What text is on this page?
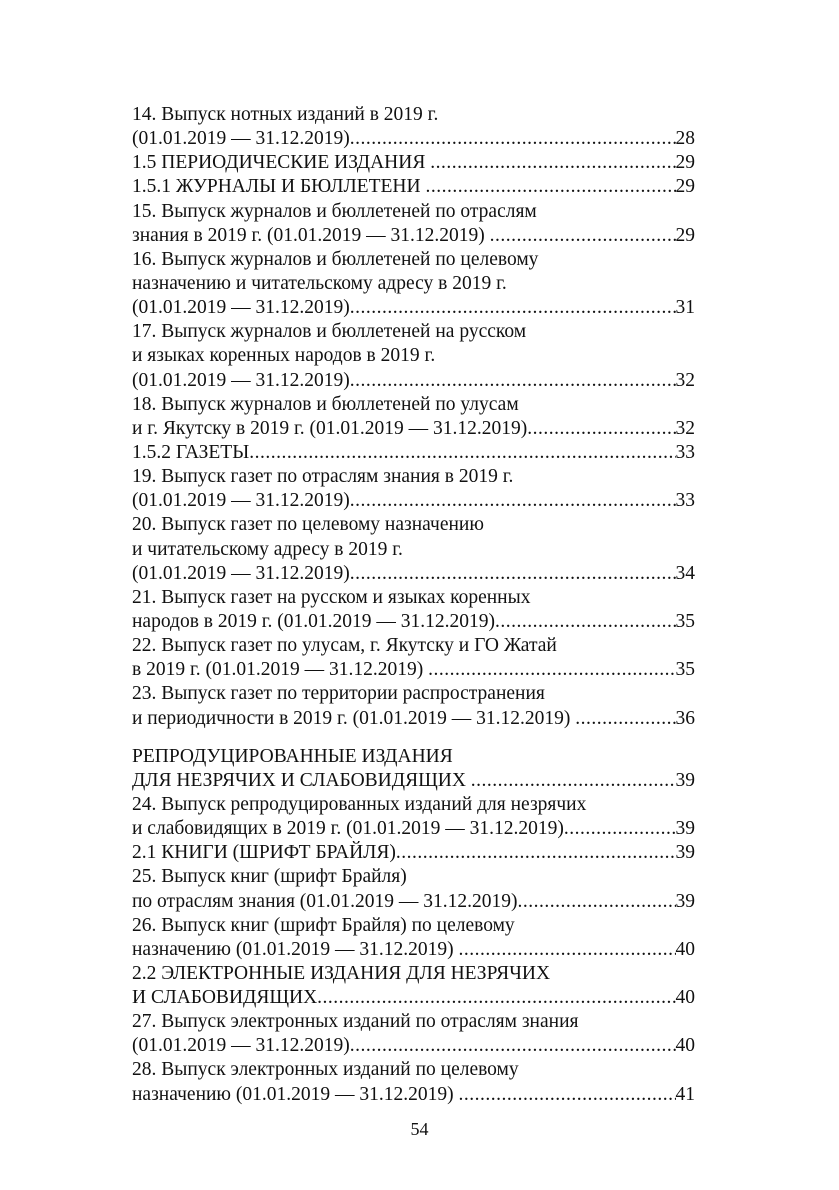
14. Выпуск нотных изданий в 2019 г.
(01.01.2019 — 31.12.2019) .....	28
1.5 ПЕРИОДИЧЕСКИЕ ИЗДАНИЯ .....	29
1.5.1 ЖУРНАЛЫ И БЮЛЛЕТЕНИ .....	29
15. Выпуск журналов и бюллетеней по отраслям
знания в 2019 г. (01.01.2019 — 31.12.2019) .....	29
16. Выпуск журналов и бюллетеней по целевому
назначению и читательскому адресу в 2019 г.
(01.01.2019 — 31.12.2019) .....	31
17. Выпуск журналов и бюллетеней на русском
и языках коренных народов в 2019 г.
(01.01.2019 — 31.12.2019) .....	32
18. Выпуск журналов и бюллетеней по улусам
и г. Якутску в 2019 г. (01.01.2019 — 31.12.2019) .....	32
1.5.2 ГАЗЕТЫ .....	33
19. Выпуск газет по отраслям знания в 2019 г.
(01.01.2019 — 31.12.2019) .....	33
20. Выпуск газет по целевому назначению
и читательскому адресу в 2019 г.
(01.01.2019 — 31.12.2019) .....	34
21. Выпуск газет на русском и языках коренных
народов в 2019 г. (01.01.2019 — 31.12.2019) .....	35
22. Выпуск газет по улусам, г. Якутску и ГО Жатай
в 2019 г. (01.01.2019 — 31.12.2019) .....	35
23. Выпуск газет по территории распространения
и периодичности в 2019 г. (01.01.2019 — 31.12.2019) .....	36
РЕПРОДУЦИРОВАННЫЕ ИЗДАНИЯ
ДЛЯ НЕЗРЯЧИХ И СЛАБОВИДЯЩИХ .....	39
24. Выпуск репродуцированных изданий для незрячих
и слабовидящих в 2019 г. (01.01.2019 — 31.12.2019) .....	39
2.1 КНИГИ (ШРИФТ БРАЙЛЯ) .....	39
25. Выпуск книг (шрифт Брайля)
по отраслям знания (01.01.2019 — 31.12.2019) .....	39
26. Выпуск книг (шрифт Брайля) по целевому
назначению (01.01.2019 — 31.12.2019) .....	40
2.2 ЭЛЕКТРОННЫЕ ИЗДАНИЯ ДЛЯ НЕЗРЯЧИХ
И СЛАБОВИДЯЩИХ .....	40
27. Выпуск электронных изданий по отраслям знания
(01.01.2019 — 31.12.2019) .....	40
28. Выпуск электронных изданий по целевому
назначению (01.01.2019 — 31.12.2019) .....	41
54
